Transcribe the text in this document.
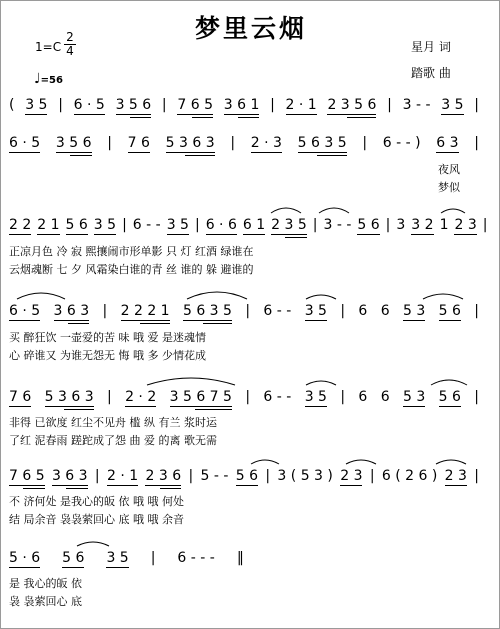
梦里云烟
1=C
2
4
♩=56
星月 词
踏歌 曲
( 3 5 | 6 · 5 3 5 6 | 7 6 5 3 6 1 | 2 · 1 2 3 5 6 | 3 - - 3 5 |
6 · 5 3 5 6 | 7 6 5 3 6 3 | 2 · 3 5 6 3 5 | 6 - - ) 6 3 |
2 2 2 1 5 6 3 5 | 6 - - 3 5 | 6 · 6 6 1 2 3 5 | 3 - - 5 6 | 3 3 2 1 2 3 |
6 · 5 3 6 3 | 2 2 2 1 5 6 3 5 | 6 - - 3 5 | 6 6 5 3 5 6 |
7 6 5 3 6 3 | 2 · 2 3 5 6 7 5 | 6 - - 3 5 | 6 6 5 3 5 6 |
7 6 5 3 6 3 | 2 · 1 2 3 6 | 5 - - 5 6 | 3 ( 5 3 ) 2 3 | 6 ( 2 6 ) 2 3 |
5 · 6 5 6 3 5 | 6 - - - ‖
夜风
梦似
正凉月色 冷 寂 熙攘闹市形单影 只 灯 红酒 绿谁在
云烟魂断 七 夕 风霜染白谁的青 丝 谁的 躲 避谁的
买 醉狂饮 一壶爱的苦 味 哦 爱 是迷魂情
心 碎谁又 为谁无怨无 悔 哦 多 少情花成
非得 已欲度 红尘不见舟 槛 纵 有兰 浆时运
了红 泥春雨 蹉跎成了怨 曲 爱 的离 歌无需
不 济何处 是我心的皈 依 哦 哦 何处
结 局余音 袅袅萦回心 底 哦 哦 余音
是 我心的皈 依
袅 袅萦回心 底
